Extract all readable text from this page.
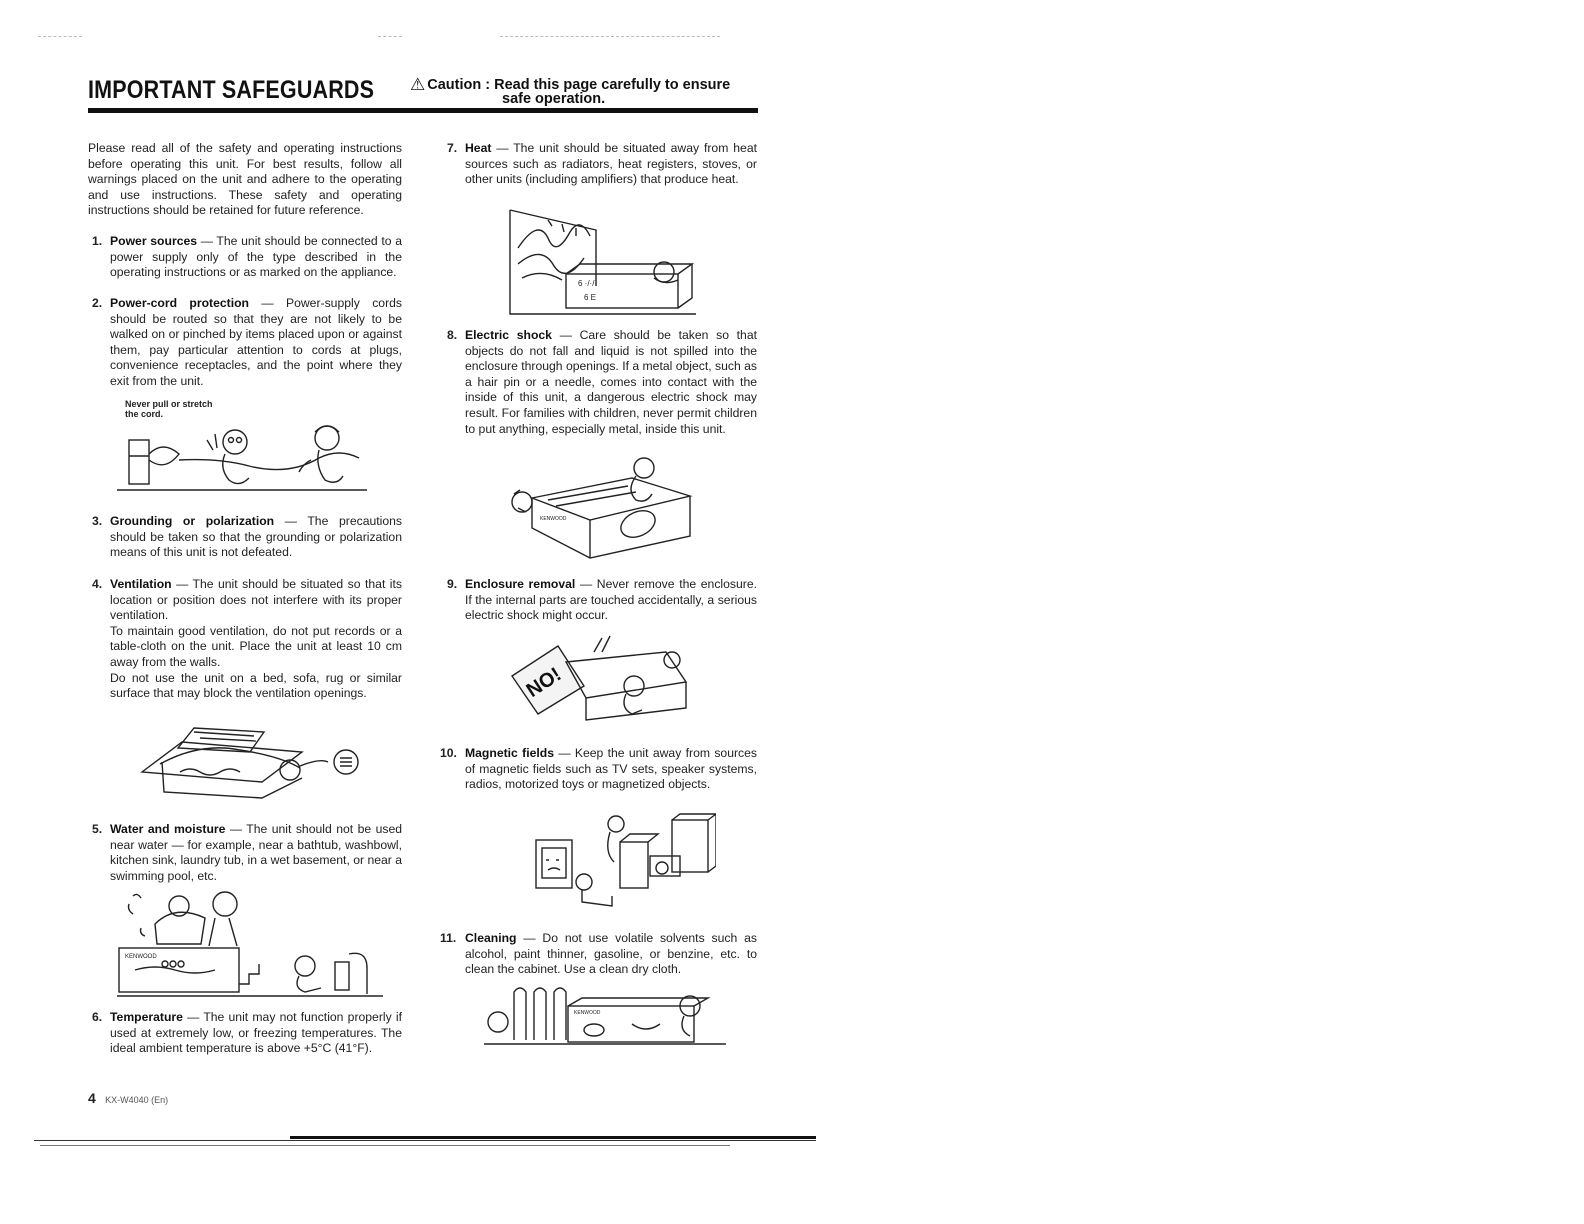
IMPORTANT SAFEGUARDS ⚠ Caution : Read this page carefully to ensure
safe operation.

Please read all of the safety and operating instructions before operating this unit. For best results, follow all warnings placed on the unit and adhere to the operating and use instructions. These safety and operating instructions should be retained for future reference.

1. Power sources — The unit should be connected to a power supply only of the type described in the operating instructions or as marked on the appliance.
2. Power-cord protection — Power-supply cords should be routed so that they are not likely to be walked on or pinched by items placed upon or against them, pay particular attention to cords at plugs, convenience receptacles, and the point where they exit from the unit.
Never pull or stretch
the cord.
3. Grounding or polarization — The precautions should be taken so that the grounding or polarization means of this unit is not defeated.
4. Ventilation — The unit should be situated so that its location or position does not interfere with its proper ventilation.
To maintain good ventilation, do not put records or a table-cloth on the unit. Place the unit at least 10 cm away from the walls.
Do not use the unit on a bed, sofa, rug or similar surface that may block the ventilation openings.
5. Water and moisture — The unit should not be used near water — for example, near a bathtub, washbowl, kitchen sink, laundry tub, in a wet basement, or near a swimming pool, etc.
KENWOOD
6. Temperature — The unit may not function properly if used at extremely low, or freezing temperatures. The ideal ambient temperature is above +5°C (41°F).
7. Heat — The unit should be situated away from heat sources such as radiators, heat registers, stoves, or other units (including amplifiers) that produce heat.
6 ·/·/·
6 E
8. Electric shock — Care should be taken so that objects do not fall and liquid is not spilled into the enclosure through openings. If a metal object, such as a hair pin or a needle, comes into contact with the inside of this unit, a dangerous electric shock may result. For families with children, never permit children to put anything, especially metal, inside this unit.
KENWOOD
9. Enclosure removal — Never remove the enclosure. If the internal parts are touched accidentally, a serious electric shock might occur.
NO!
10. Magnetic fields — Keep the unit away from sources of magnetic fields such as TV sets, speaker systems, radios, motorized toys or magnetized objects.
11. Cleaning — Do not use volatile solvents such as alcohol, paint thinner, gasoline, or benzine, etc. to clean the cabinet. Use a clean dry cloth.
KENWOOD
4 KX-W4040 (En)
